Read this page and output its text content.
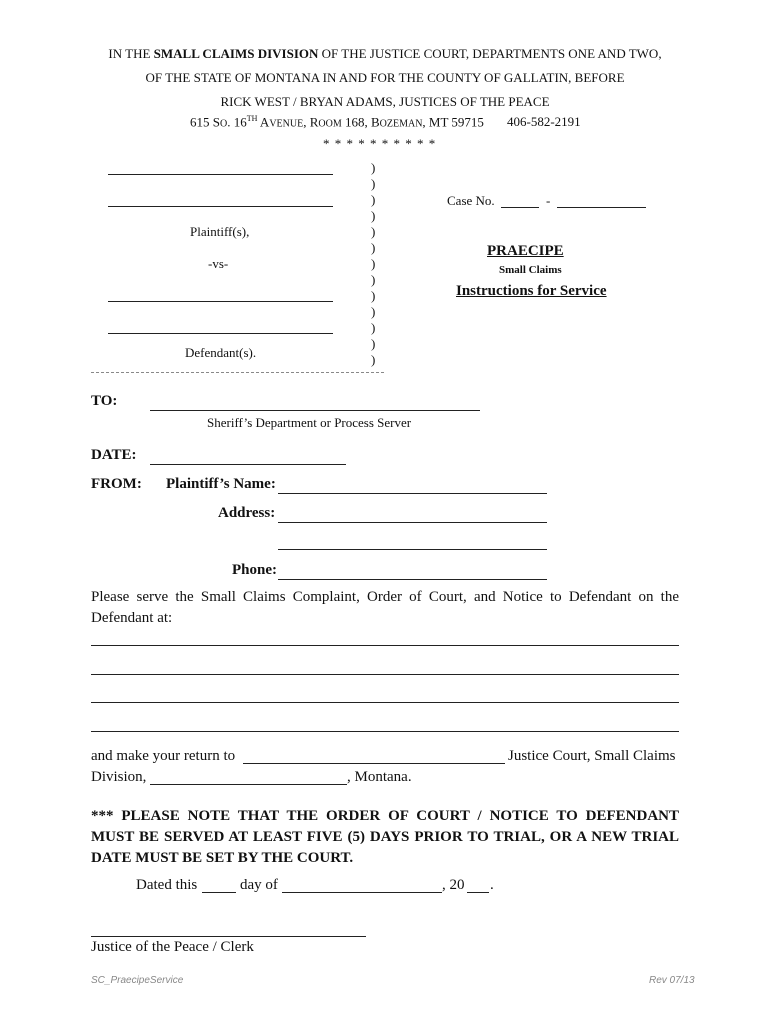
IN THE SMALL CLAIMS DIVISION OF THE JUSTICE COURT, DEPARTMENTS ONE AND TWO,
OF THE STATE OF MONTANA IN AND FOR THE COUNTY OF GALLATIN, BEFORE
RICK WEST / BRYAN ADAMS, JUSTICES OF THE PEACE
615 SO. 16TH AVENUE, ROOM 168, BOZEMAN, MT 59715 406-582-2191
* * * * * * * * * *
Plaintiff(s),
-vs-
Defendant(s).
)
)
)
)
)
)
)
)
)
)
)
)
)
Case No.	-
PRAECIPE
Small Claims
Instructions for Service
TO:
Sheriff’s Department or Process Server
DATE:
FROM: Plaintiff’s Name:
Address:
Phone:
Please serve the Small Claims Complaint, Order of Court, and Notice to Defendant on the Defendant at:
and make your return to	Justice Court, Small Claims
Division,	, Montana.
*** PLEASE NOTE THAT THE ORDER OF COURT / NOTICE TO DEFENDANT MUST BE SERVED AT LEAST FIVE (5) DAYS PRIOR TO TRIAL, OR A NEW TRIAL DATE MUST BE SET BY THE COURT.
Dated this	day of	, 20 .
Justice of the Peace / Clerk
SC_PraecipeService	Rev 07/13
